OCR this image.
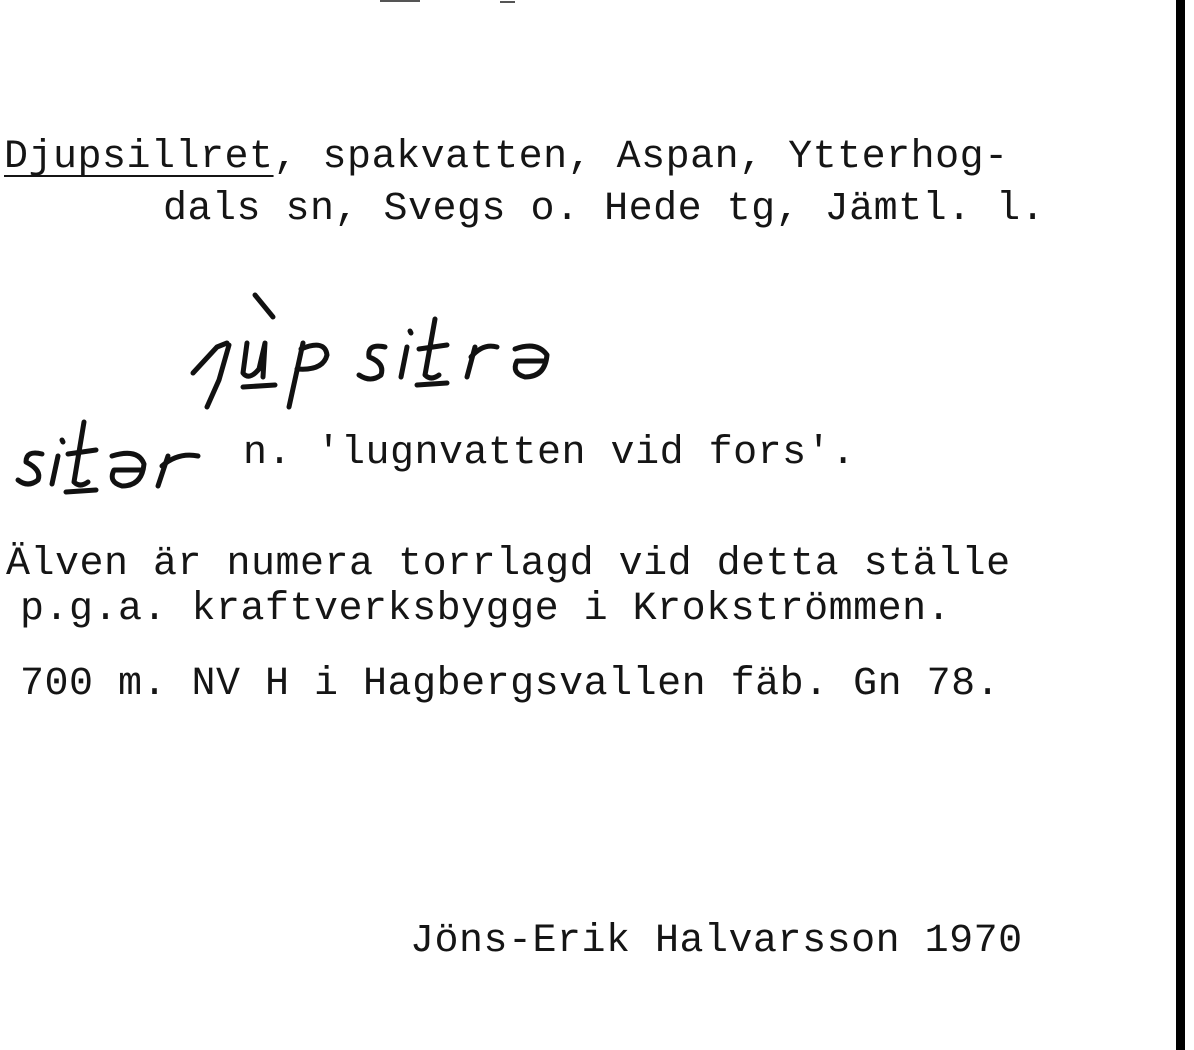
Djupsillret, spakvatten, Aspan, Ytterhog-
dals sn, Svegs o. Hede tg, Jämtl. l.
n. 'lugnvatten vid fors'.
Älven är numera torrlagd vid detta ställe
p.g.a. kraftverksbygge i Krokströmmen.
700 m. NV H i Hagbergsvallen fäb. Gn 78.
Jöns-Erik Halvarsson 1970
